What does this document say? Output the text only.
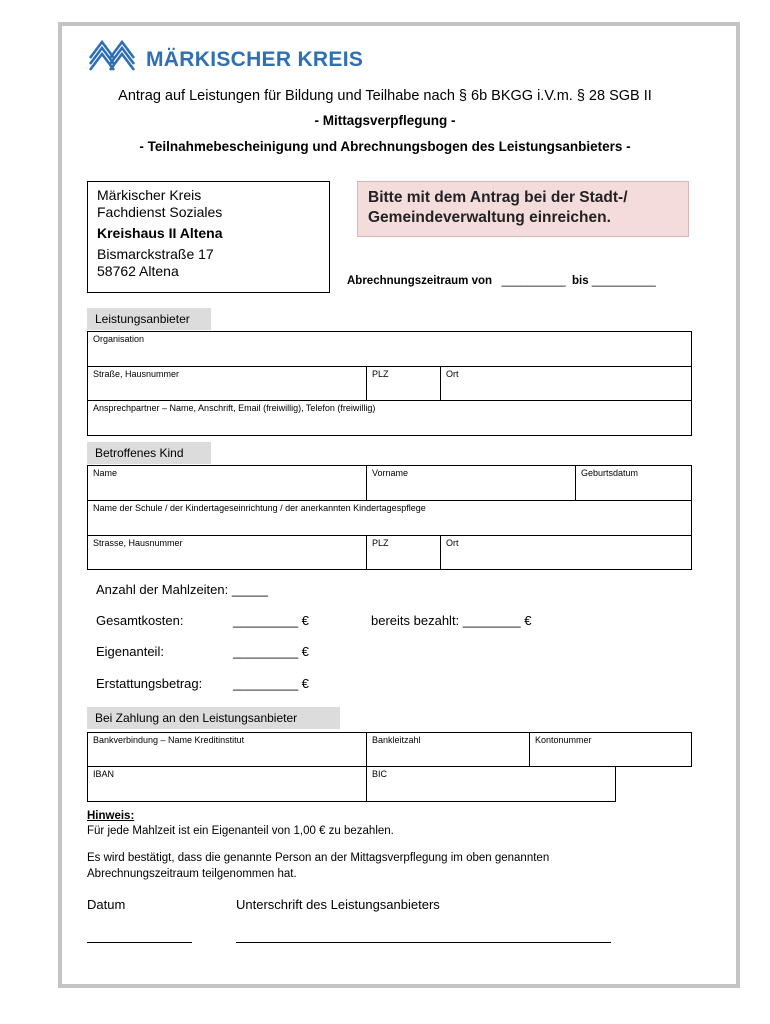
MÄRKISCHER KREIS
Antrag auf Leistungen für Bildung und Teilhabe nach § 6b BKGG i.V.m. § 28 SGB II
- Mittagsverpflegung -
- Teilnahmebescheinigung und Abrechnungsbogen des Leistungsanbieters -
Märkischer Kreis
Fachdienst Soziales
Kreishaus II Altena
Bismarckstraße 17
58762 Altena
Bitte mit dem Antrag bei der Stadt-/ Gemeindeverwaltung einreichen.
Abrechnungszeitraum von __________ bis __________
Leistungsanbieter
Organisation
Straße, Hausnummer	PLZ	Ort
Ansprechpartner – Name, Anschrift, Email (freiwillig), Telefon (freiwillig)
Betroffenes Kind
Name	Vorname	Geburtsdatum
Name der Schule / der Kindertageseinrichtung / der anerkannten Kindertagespflege
Strasse, Hausnummer	PLZ	Ort
Anzahl der Mahlzeiten: _____
Gesamtkosten:	_________ €	bereits bezahlt: ________ €
Eigenanteil:	_________ €
Erstattungsbetrag: _________ €
Bei Zahlung an den Leistungsanbieter
Bankverbindung – Name Kreditinstitut	Bankleitzahl	Kontonummer
IBAN	BIC
Hinweis:
Für jede Mahlzeit ist ein Eigenanteil von 1,00 € zu bezahlen.
Es wird bestätigt, dass die genannte Person an der Mittagsverpflegung im oben genannten
Abrechnungszeitraum teilgenommen hat.
Datum	Unterschrift des Leistungsanbieters
